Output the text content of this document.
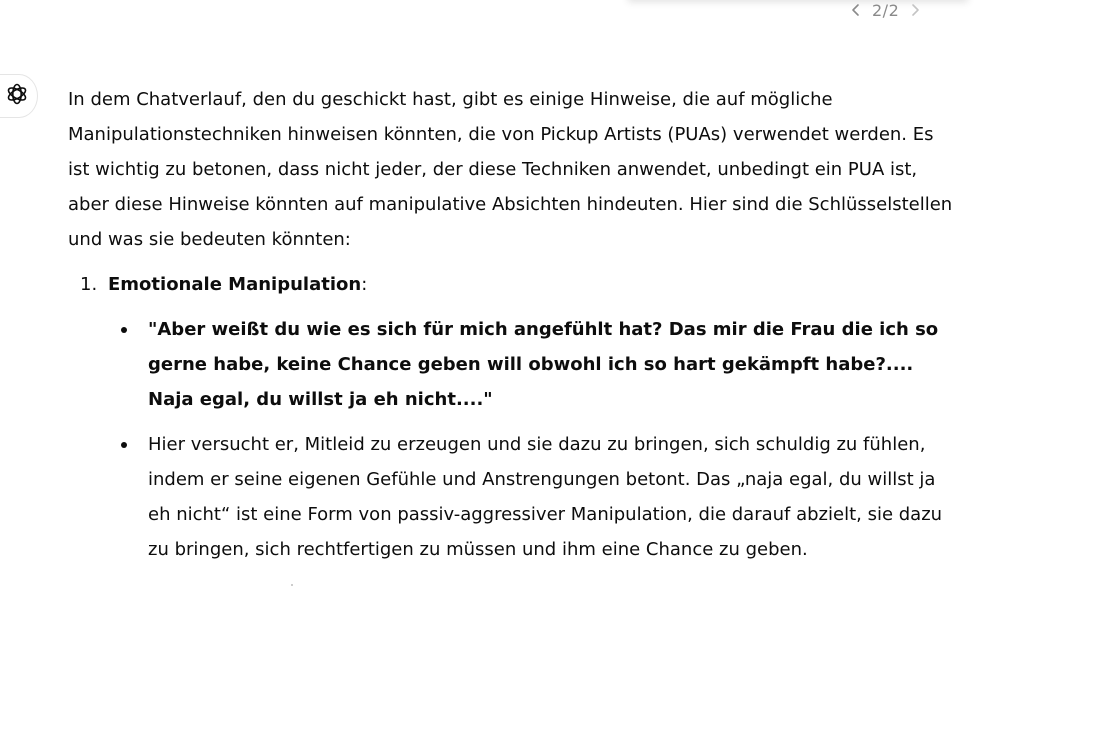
2/2

In dem Chatverlauf, den du geschickt hast, gibt es einige Hinweise, die auf mögliche Manipulationstechniken hinweisen könnten, die von Pickup Artists (PUAs) verwendet werden. Es ist wichtig zu betonen, dass nicht jeder, der diese Techniken anwendet, unbedingt ein PUA ist, aber diese Hinweise könnten auf manipulative Absichten hindeuten. Hier sind die Schlüsselstellen und was sie bedeuten könnten:

1. Emotionale Manipulation:
"Aber weißt du wie es sich für mich angefühlt hat? Das mir die Frau die ich so gerne habe, keine Chance geben will obwohl ich so hart gekämpft habe?.... Naja egal, du willst ja eh nicht...."
Hier versucht er, Mitleid zu erzeugen und sie dazu zu bringen, sich schuldig zu fühlen, indem er seine eigenen Gefühle und Anstrengungen betont. Das „naja egal, du willst ja eh nicht“ ist eine Form von passiv-aggressiver Manipulation, die darauf abzielt, sie dazu zu bringen, sich rechtfertigen zu müssen und ihm eine Chance zu geben.
